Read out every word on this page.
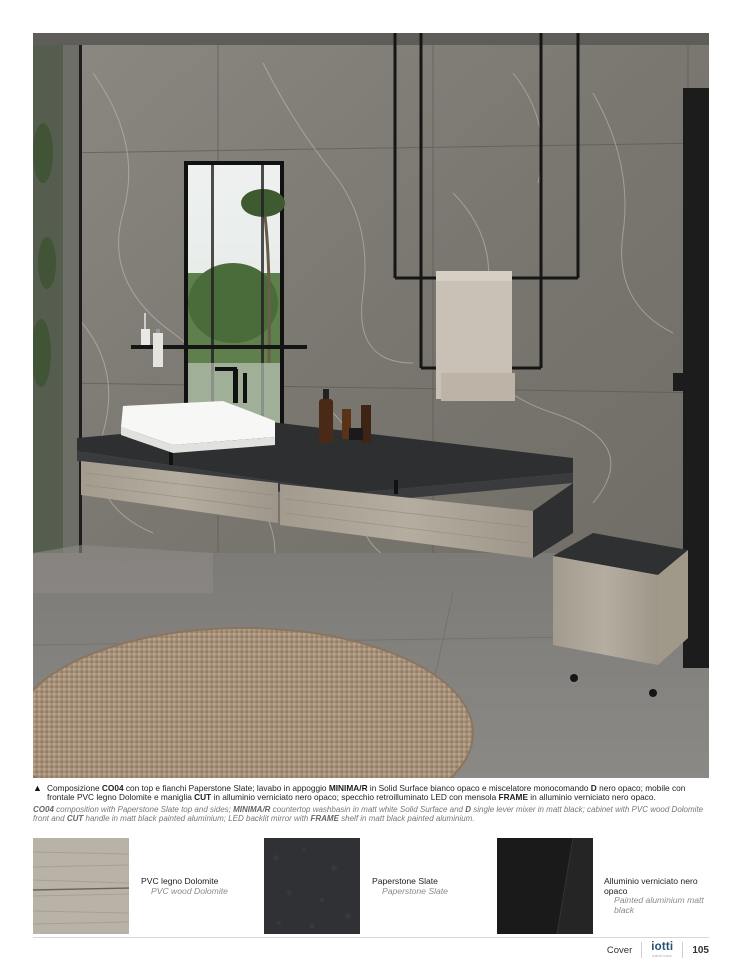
▲ Composizione CO04 con top e fianchi Paperstone Slate; lavabo in appoggio MINIMA/R in Solid Surface bianco opaco e miscelatore monocomando D nero opaco; mobile con frontale PVC legno Dolomite e maniglia CUT in alluminio verniciato nero opaco; specchio retroilluminato LED con mensola FRAME in alluminio verniciato nero opaco.

CO04 composition with Paperstone Slate top and sides; MINIMA/R countertop washbasin in matt white Solid Surface and D single lever mixer in matt black; cabinet with PVC wood Dolomite front and CUT handle in matt black painted aluminium; LED backlit mirror with FRAME shelf in matt black painted aluminium.

PVC legno Dolomite
PVC wood Dolomite
Paperstone Slate
Paperstone Slate
Alluminio verniciato nero opaco
Painted aluminium matt black
Cover iotti
bathroom 105
